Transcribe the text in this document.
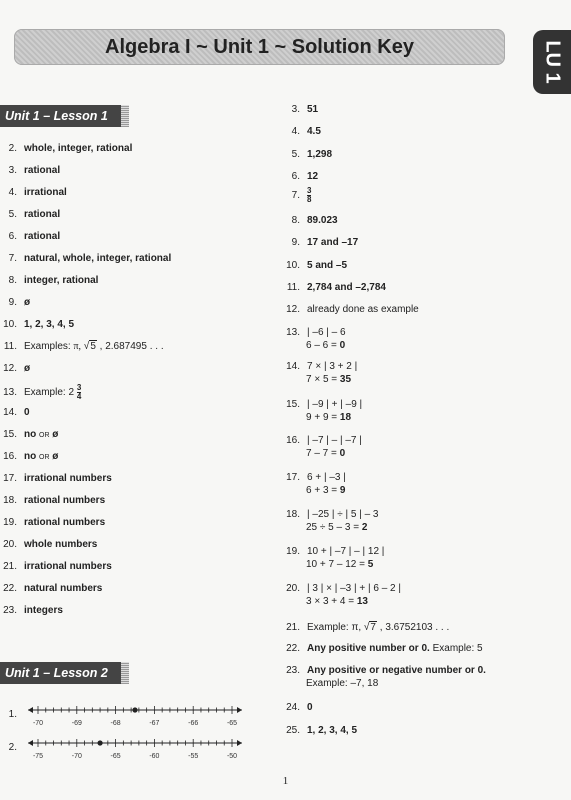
Algebra I ~ Unit 1 ~ Solution Key	LU 1
Unit 1 – Lesson 1
2. whole, integer, rational
3. rational
4. irrational
5. rational
6. rational
7. natural, whole, integer, rational
8. integer, rational
9. ø
10. 1, 2, 3, 4, 5
11. Examples: π, √5 , 2.687495 . . .
12. ø
13. Example: $2 \frac{3}{4}$
14. 0
15. no OR ø
16. no OR ø
17. irrational numbers
18. rational numbers
19. rational numbers
20. whole numbers
21. irrational numbers
22. natural numbers
23. integers
Unit 1 – Lesson 2
1.
-70	-69	-68	-67	-66	-65
2.
-75	-70	-65	-60	-55	-50
3. 51
4. 4.5
5. 1,298
6. 12
8. 89.023
9. 17 and –17
10. 5 and –5
11. 2,784 and –2,784
12. already done as example
7. $\frac{3}{8}$
13. | –6 | – 6
6 – 6 = 0
14. 7 × | 3 + 2 |
7 × 5 = 35
15. | –9 | + | –9 |
9 + 9 = 18
16. | –7 | – | –7 |
7 – 7 = 0
17. 6 + | –3 |
6 + 3 = 9
18. | –25 | ÷ | 5 | – 3
25 ÷ 5 – 3 = 2
19. 10 + | –7 | – | 12 |
10 + 7 – 12 = 5
20. | 3 | × | –3 | + | 6 – 2 |
3 × 3 + 4 = 13
21. Example: π, √7 , 3.6752103 . . .
22. Any positive number or 0. Example: 5
23. Any positive or negative number or 0.
Example: –7, 18
24. 0
25. 1, 2, 3, 4, 5
1
